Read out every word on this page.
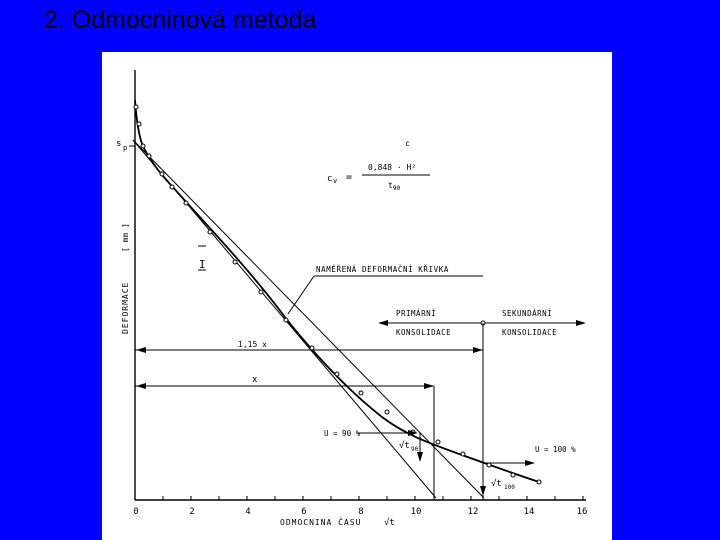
2. Odmocninová metoda
0	2	4	6	8	10	12	14	16
ODMOCNINA ČASU	√t
DEFORMACE
[ mm ]
s p	c
c v =
0,848 · H²
t 90
I	NAMĚŘENÁ DEFORMAČNÍ KŘIVKA
PRIMÁRNÍ
KONSOLIDACE
SEKUNDÁRNÍ
KONSOLIDACE
1,15 x
x
U = 90 %
√t 90	U = 100 %
√t 100
